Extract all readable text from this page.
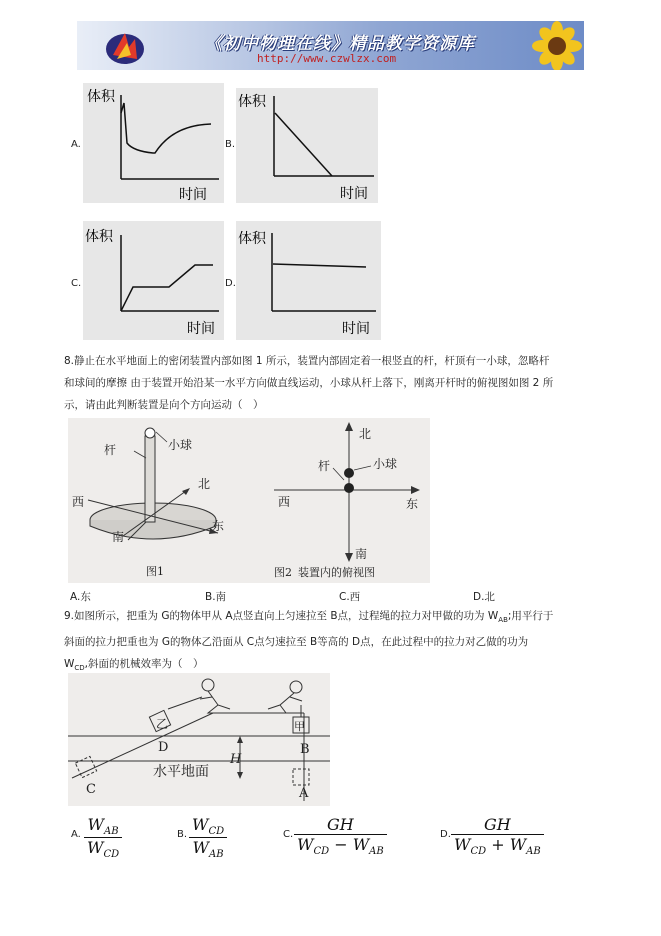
《初中物理在线》精品教学资源库
http://www.czwlzx.com
A.
体积
时间
B.
体积
时间
C.
体积
时间
D.
体积
时间
8.静止在水平地面上的密闭装置内部如图 1 所示，装置内部固定着一根竖直的杆，杆顶有一小球，忽略杆
和球间的摩擦 由于装置开始沿某一水平方向做直线运动，小球从杆上落下，刚离开杆时的俯视图如图 2 所
示，请由此判断装置是向个方向运动（　）
小球
杆
北
西
东
南
图1
北
小球
杆
西	东
南
图2 装置内的俯视图
A.东	B.南	C.西	D.北
9.如图所示，把重为 G的物体甲从 A点竖直向上匀速拉至 B点，过程绳的拉力对甲做的功为 $W_{AB}$;用平行于
斜面的拉力把重也为 G的物体乙沿面从 C点匀速拉至 B等高的 D点，在此过程中的拉力对乙做的功为
$W_{CD}$,斜面的机械效率为（　）
乙	甲
D	B
H
水平地面
C	A
A.
$W_{AB}$
$W_{CD}$
B.
$W_{CD}$
$W_{AB}$
C.
GH
$W_{CD} - W_{AB}$
D.
GH
$W_{CD} + W_{AB}$
